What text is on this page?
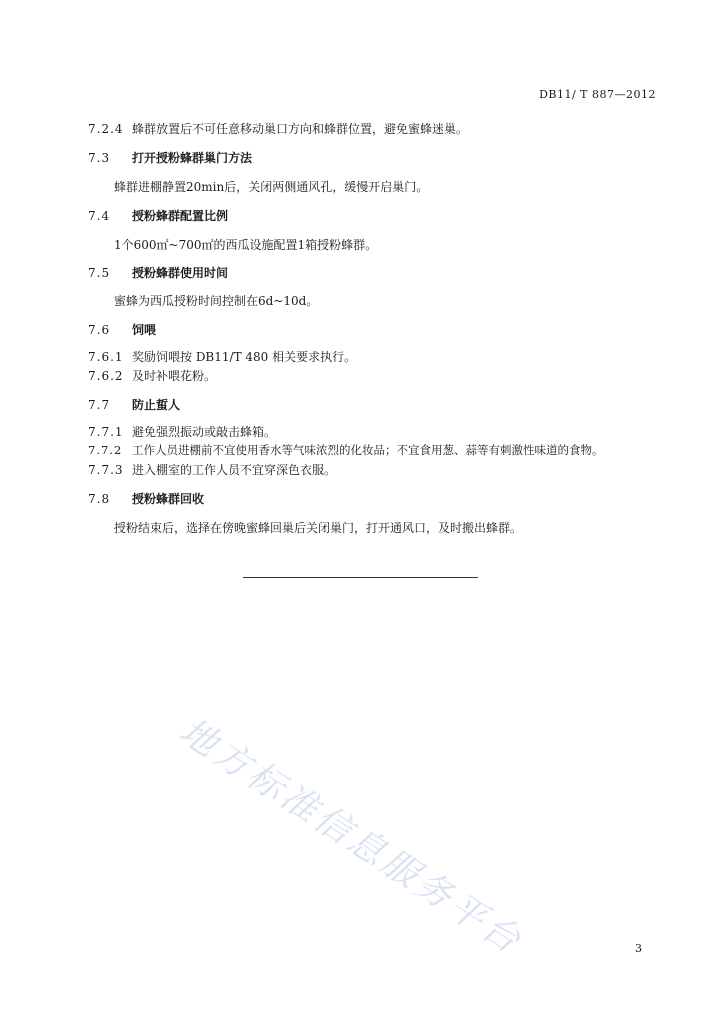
DB11/ T 887—2012
7.2.4 蜂群放置后不可任意移动巢口方向和蜂群位置，避免蜜蜂迷巢。
7.3 打开授粉蜂群巢门方法
蜂群进棚静置20min后，关闭两侧通风孔，缓慢开启巢门。
7.4 授粉蜂群配置比例
1个600㎡~700㎡的西瓜设施配置1箱授粉蜂群。
7.5 授粉蜂群使用时间
蜜蜂为西瓜授粉时间控制在6d~10d。
7.6 饲喂
7.6.1 奖励饲喂按 DB11/T 480 相关要求执行。
7.6.2 及时补喂花粉。
7.7 防止蜇人
7.7.1 避免强烈振动或敲击蜂箱。
7.7.2 工作人员进棚前不宜使用香水等气味浓烈的化妆品；不宜食用葱、蒜等有刺激性味道的食物。
7.7.3 进入棚室的工作人员不宜穿深色衣服。
7.8 授粉蜂群回收
授粉结束后，选择在傍晚蜜蜂回巢后关闭巢门，打开通风口，及时搬出蜂群。
地方标准信息服务平台	3
